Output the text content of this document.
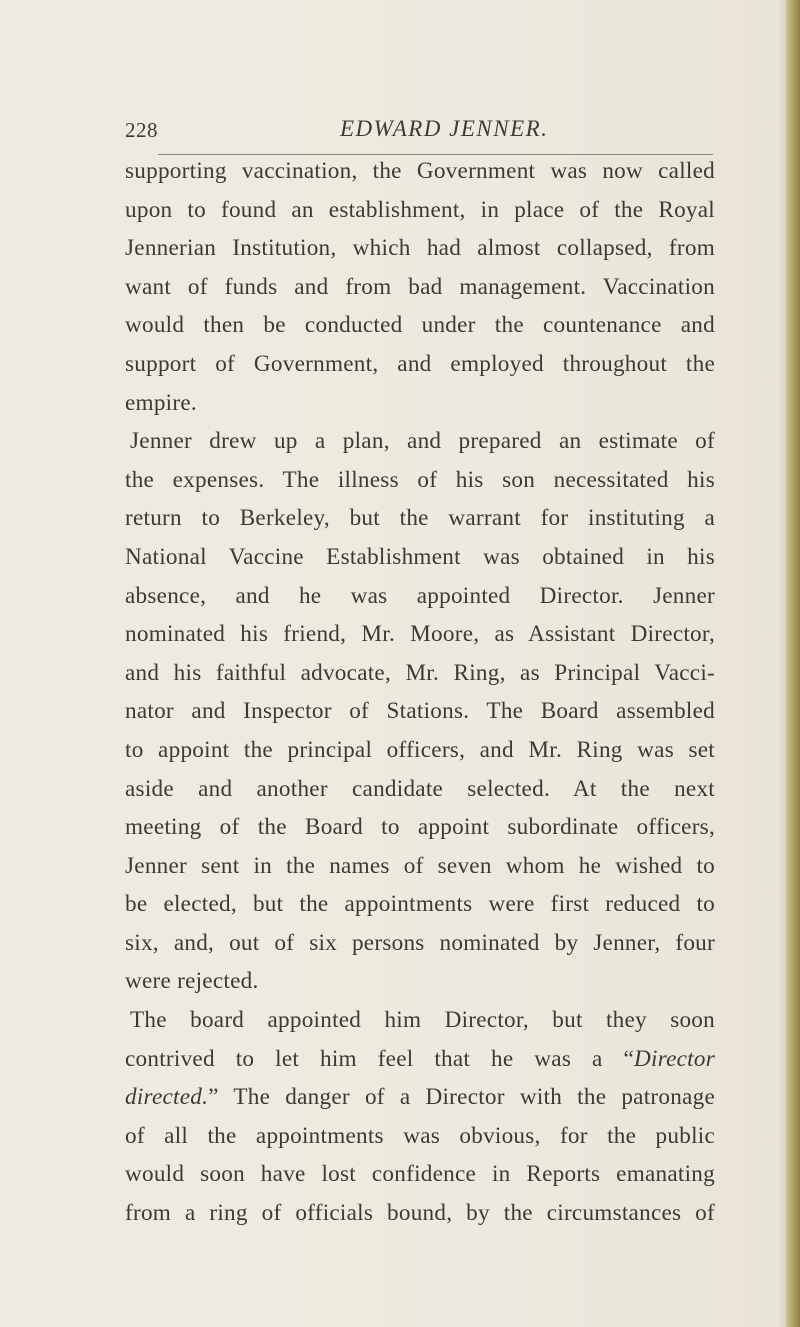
228	EDWARD JENNER.
supporting vaccination, the Government was now called
upon to found an establishment, in place of the Royal
Jennerian Institution, which had almost collapsed, from
want of funds and from bad management. Vaccination
would then be conducted under the countenance and
support of Government, and employed throughout the
empire.
Jenner drew up a plan, and prepared an estimate of
the expenses. The illness of his son necessitated his
return to Berkeley, but the warrant for instituting a
National Vaccine Establishment was obtained in his
absence, and he was appointed Director. Jenner
nominated his friend, Mr. Moore, as Assistant Director,
and his faithful advocate, Mr. Ring, as Principal Vacci-
nator and Inspector of Stations. The Board assembled
to appoint the principal officers, and Mr. Ring was set
aside and another candidate selected. At the next
meeting of the Board to appoint subordinate officers,
Jenner sent in the names of seven whom he wished to
be elected, but the appointments were first reduced to
six, and, out of six persons nominated by Jenner, four
were rejected.
The board appointed him Director, but they soon
contrived to let him feel that he was a “Director
directed.” The danger of a Director with the patronage
of all the appointments was obvious, for the public
would soon have lost confidence in Reports emanating
from a ring of officials bound, by the circumstances of
